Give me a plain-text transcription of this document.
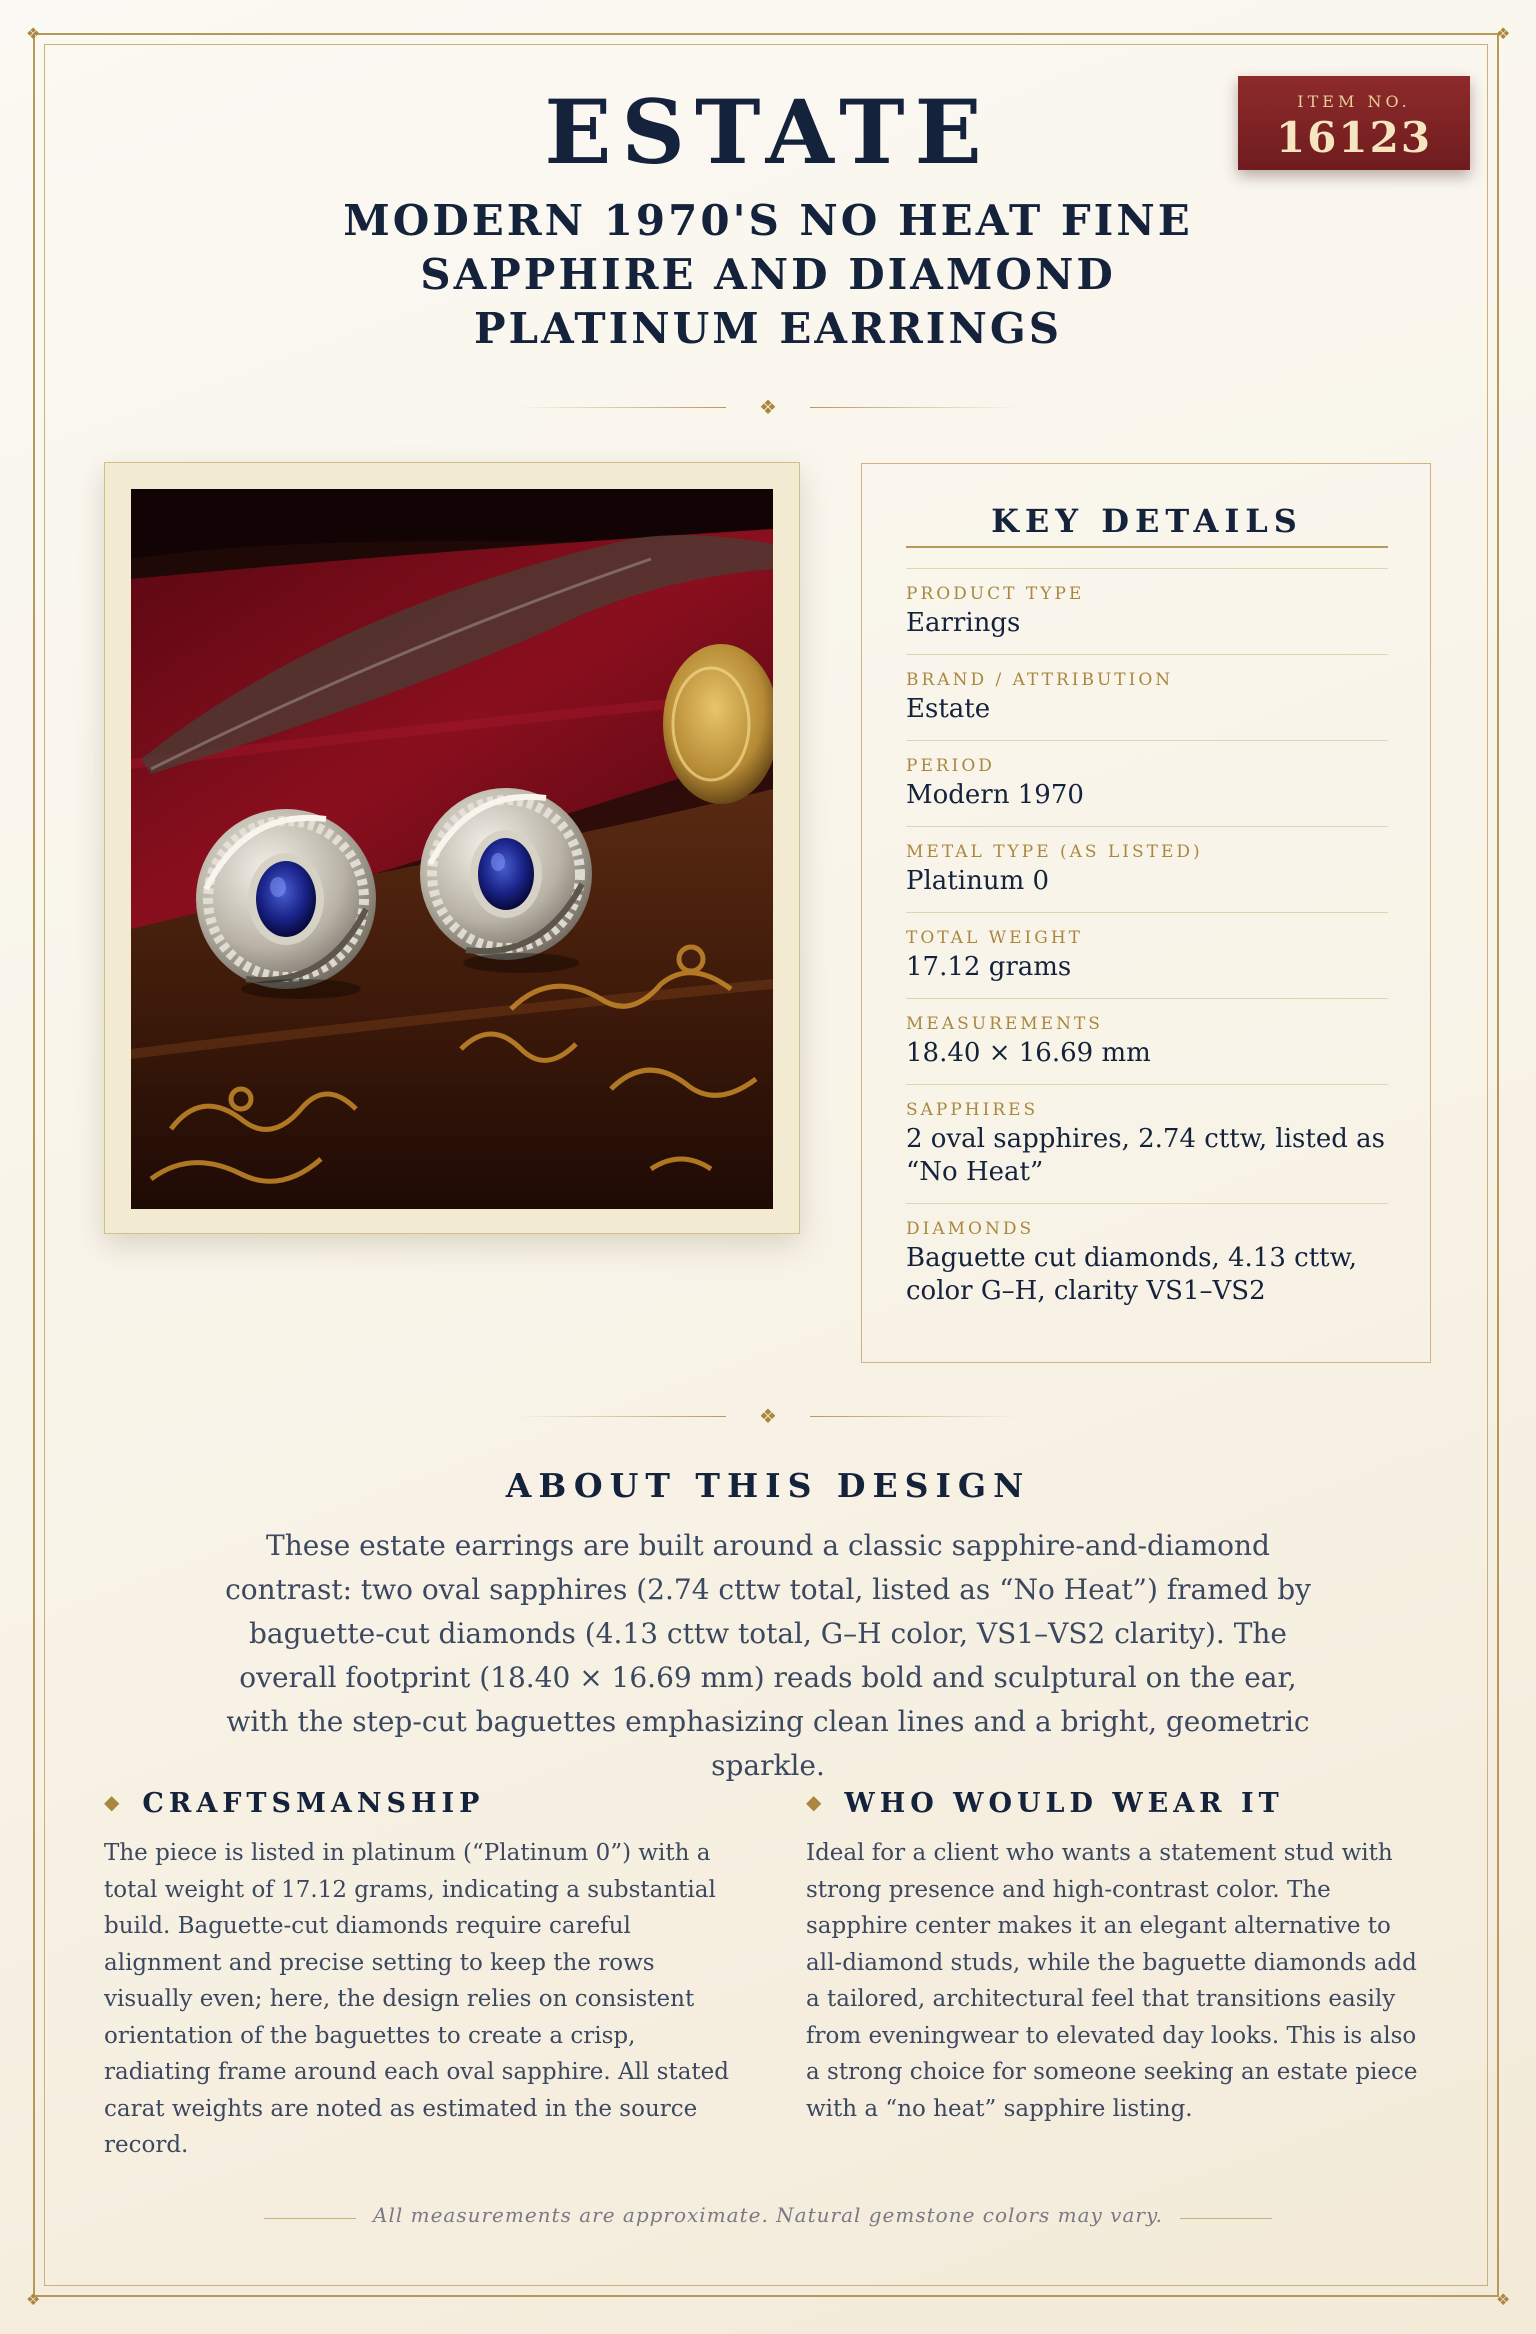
❖	❖
❖	❖
ESTATE
MODERN 1970'S NO HEAT FINE SAPPHIRE AND DIAMOND PLATINUM EARRINGS
ITEM NO.
16123
❖
KEY DETAILS
PRODUCT TYPE
Earrings
BRAND / ATTRIBUTION
Estate
PERIOD
Modern 1970
METAL TYPE (AS LISTED)
Platinum 0
TOTAL WEIGHT
17.12 grams
MEASUREMENTS
18.40 × 16.69 mm
SAPPHIRES
2 oval sapphires, 2.74 cttw, listed as “No Heat”
DIAMONDS
Baguette cut diamonds, 4.13 cttw, color G–H, clarity VS1–VS2
❖
ABOUT THIS DESIGN

These estate earrings are built around a classic sapphire-and-diamond contrast: two oval sapphires (2.74 cttw total, listed as “No Heat”) framed by baguette-cut diamonds (4.13 cttw total, G–H color, VS1–VS2 clarity). The overall footprint (18.40 × 16.69 mm) reads bold and sculptural on the ear, with the step-cut baguettes emphasizing clean lines and a bright, geometric sparkle.

◆ CRAFTSMANSHIP

The piece is listed in platinum (“Platinum 0”) with a total weight of 17.12 grams, indicating a substantial build. Baguette-cut diamonds require careful alignment and precise setting to keep the rows visually even; here, the design relies on consistent orientation of the baguettes to create a crisp, radiating frame around each oval sapphire. All stated carat weights are noted as estimated in the source record.

◆ WHO WOULD WEAR IT

Ideal for a client who wants a statement stud with strong presence and high-contrast color. The sapphire center makes it an elegant alternative to all-diamond studs, while the baguette diamonds add a tailored, architectural feel that transitions easily from eveningwear to elevated day looks. This is also a strong choice for someone seeking an estate piece with a “no heat” sapphire listing.

All measurements are approximate. Natural gemstone colors may vary.
